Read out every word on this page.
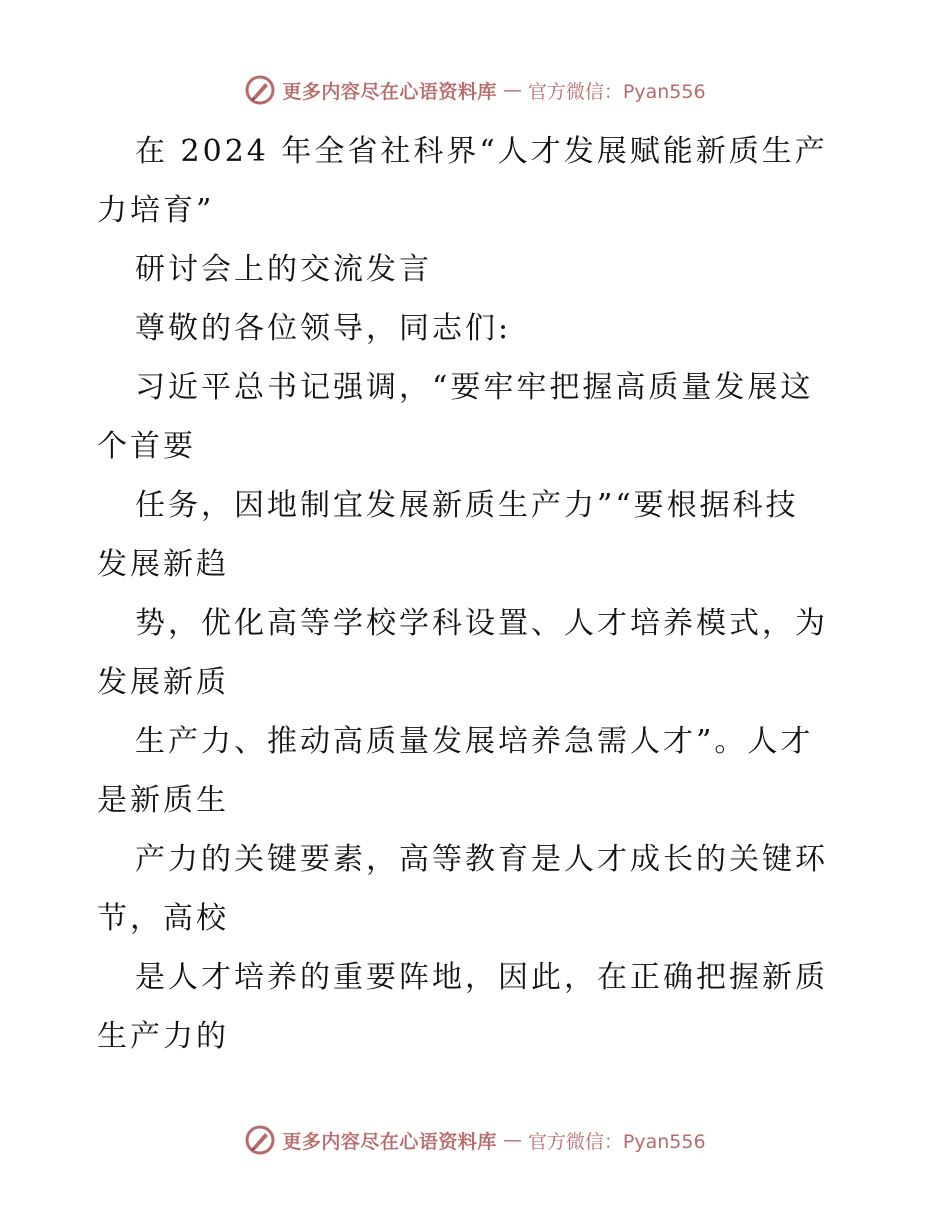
更多内容尽在心语资料库 — 官方微信：Pyan556
在 2024 年全省社科界“人才发展赋能新质生产
力培育”
研讨会上的交流发言
尊敬的各位领导，同志们:
习近平总书记强调，“要牢牢把握高质量发展这
个首要
任务，因地制宜发展新质生产力”“要根据科技
发展新趋
势，优化高等学校学科设置、人才培养模式，为
发展新质
生产力、推动高质量发展培养急需人才”。人才
是新质生
产力的关键要素，高等教育是人才成长的关键环
节，高校
是人才培养的重要阵地，因此，在正确把握新质
生产力的
更多内容尽在心语资料库 — 官方微信：Pyan556
